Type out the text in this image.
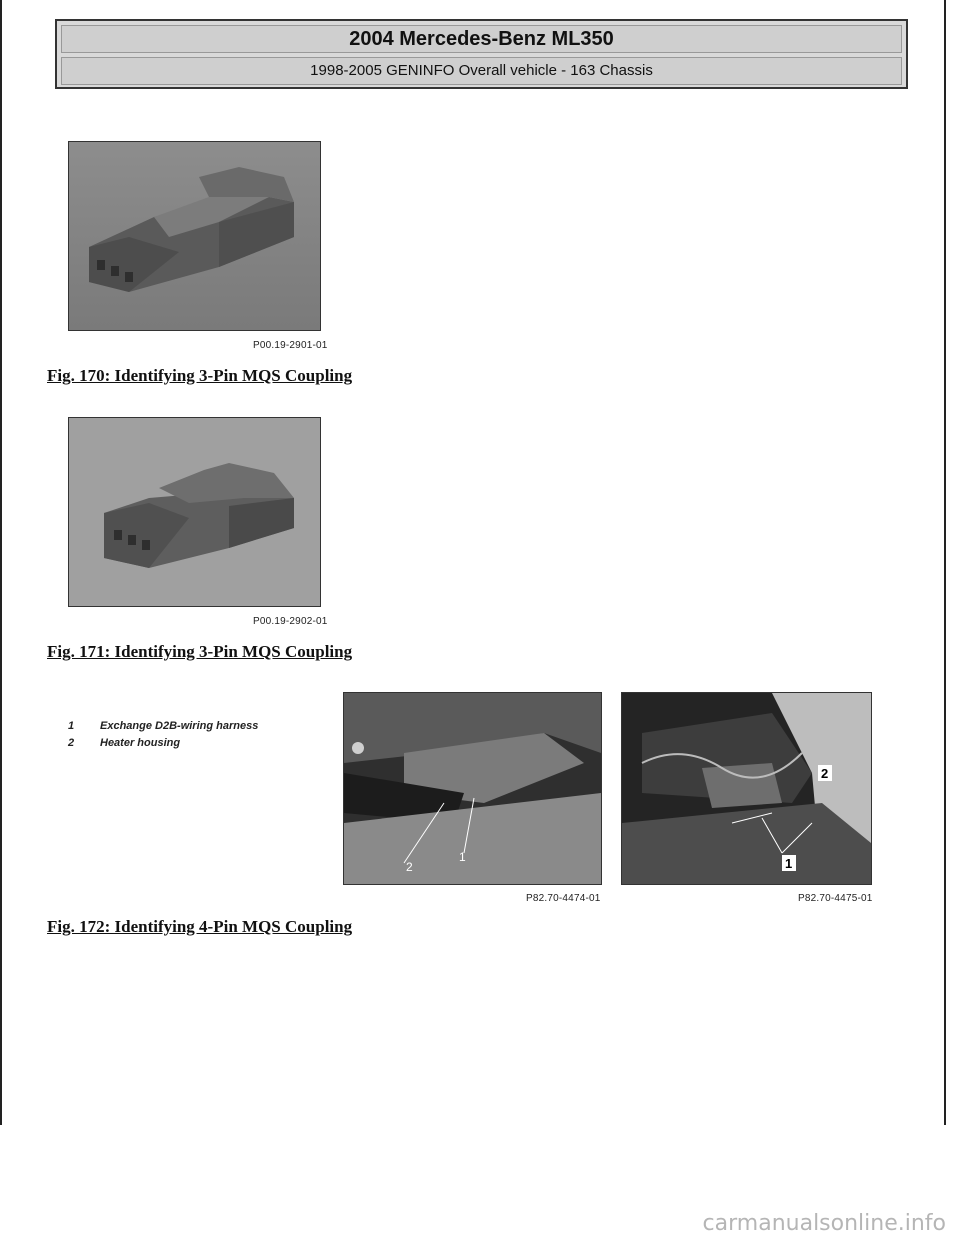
2004 Mercedes-Benz ML350
1998-2005 GENINFO Overall vehicle - 163 Chassis
P00.19-2901-01
Fig. 170: Identifying 3-Pin MQS Coupling
P00.19-2902-01
Fig. 171: Identifying 3-Pin MQS Coupling
1 Exchange D2B-wiring harness
2 Heater housing
2
1
P82.70-4474-01
2
1
P82.70-4475-01
Fig. 172: Identifying 4-Pin MQS Coupling
carmanualsonline.info
